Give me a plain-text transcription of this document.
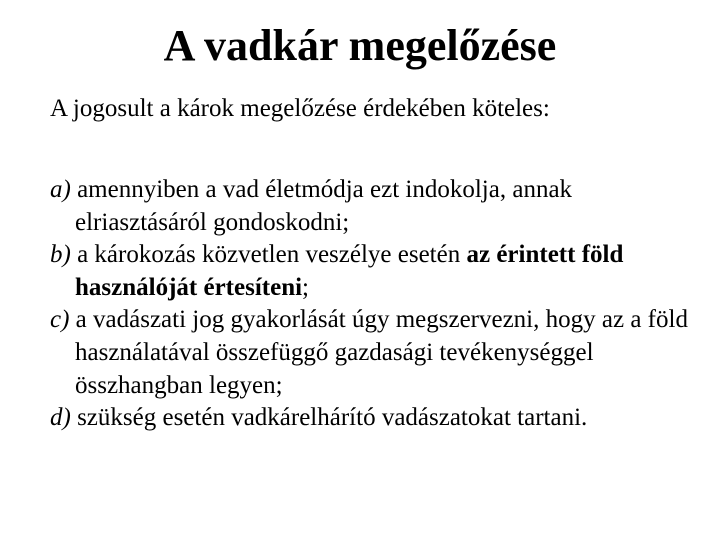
A vadkár megelőzése

A jogosult a károk megelőzése érdekében köteles:

a) amennyiben a vad életmódja ezt indokolja, annak elriasztásáról gondoskodni;
b) a károkozás közvetlen veszélye esetén az érintett föld használóját értesíteni;
c) a vadászati jog gyakorlását úgy megszervezni, hogy az a föld használatával összefüggő gazdasági tevékenységgel összhangban legyen;
d) szükség esetén vadkárelhárító vadászatokat tartani.
